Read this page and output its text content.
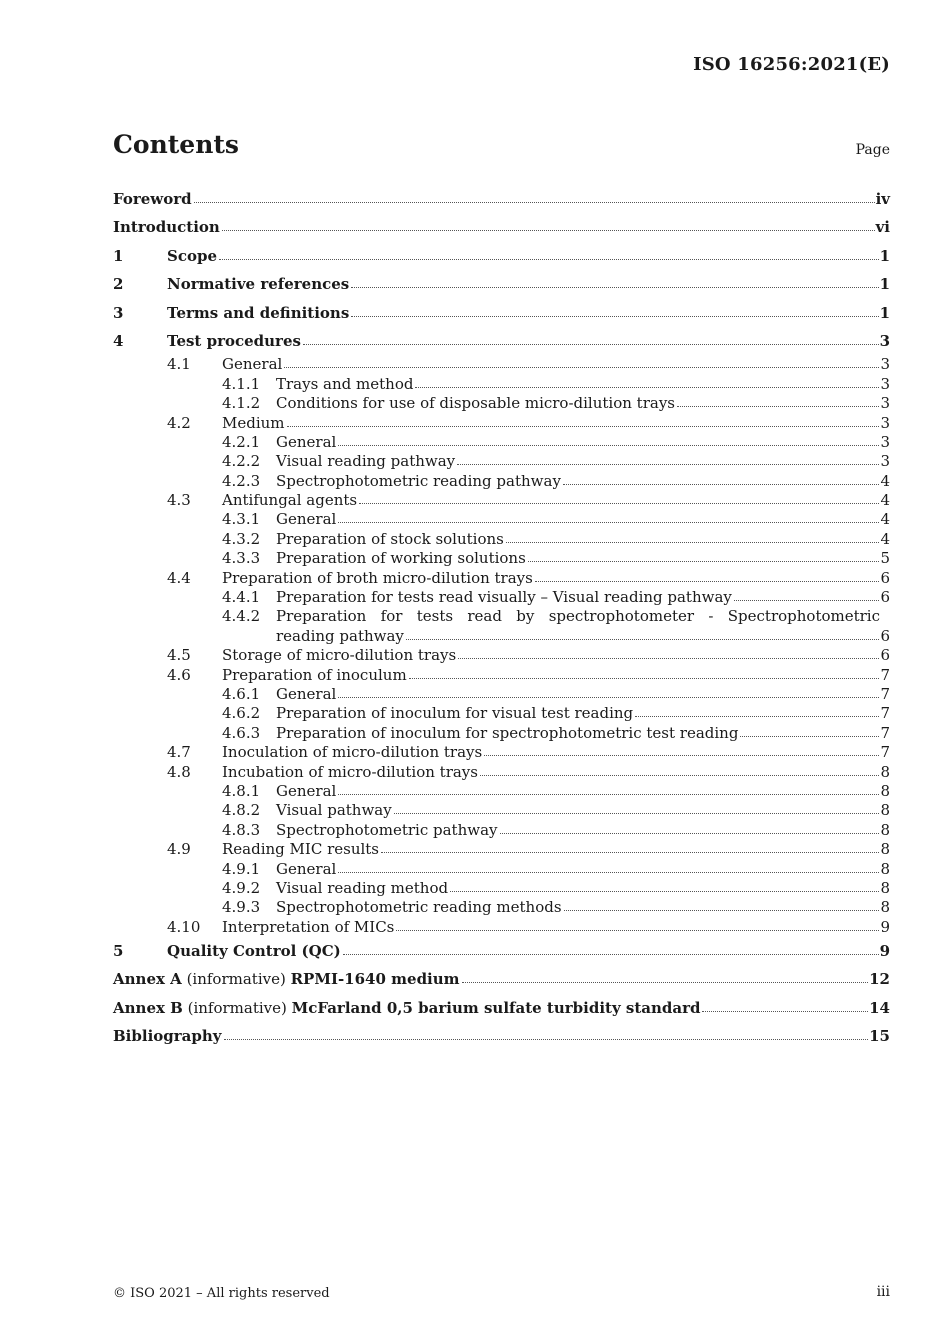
ISO 16256:2021(E)
Contents	Page
Foreword	iv
Introduction	vi
1	Scope	1
2	Normative references	1
3	Terms and definitions	1
4	Test procedures	3
4.1	General	3
4.1.1	Trays and method	3
4.1.2	Conditions for use of disposable micro-dilution trays	3
4.2	Medium	3
4.2.1	General	3
4.2.2	Visual reading pathway	3
4.2.3	Spectrophotometric reading pathway	4
4.3	Antifungal agents	4
4.3.1	General	4
4.3.2	Preparation of stock solutions	4
4.3.3	Preparation of working solutions	5
4.4	Preparation of broth micro-dilution trays	6
4.4.1	Preparation for tests read visually – Visual reading pathway	6
4.4.2	Preparation for tests read by spectrophotometer - Spectrophotometric
reading pathway	6
4.5	Storage of micro-dilution trays	6
4.6	Preparation of inoculum	7
4.6.1	General	7
4.6.2	Preparation of inoculum for visual test reading	7
4.6.3	Preparation of inoculum for spectrophotometric test reading	7
4.7	Inoculation of micro-dilution trays	7
4.8	Incubation of micro-dilution trays	8
4.8.1	General	8
4.8.2	Visual pathway	8
4.8.3	Spectrophotometric pathway	8
4.9	Reading MIC results	8
4.9.1	General	8
4.9.2	Visual reading method	8
4.9.3	Spectrophotometric reading methods	8
4.10	Interpretation of MICs	9
5	Quality Control (QC)	9
Annex A (informative) RPMI-1640 medium	12
Annex B (informative) McFarland 0,5 barium sulfate turbidity standard	14
Bibliography	15
© ISO 2021 – All rights reserved	iii
